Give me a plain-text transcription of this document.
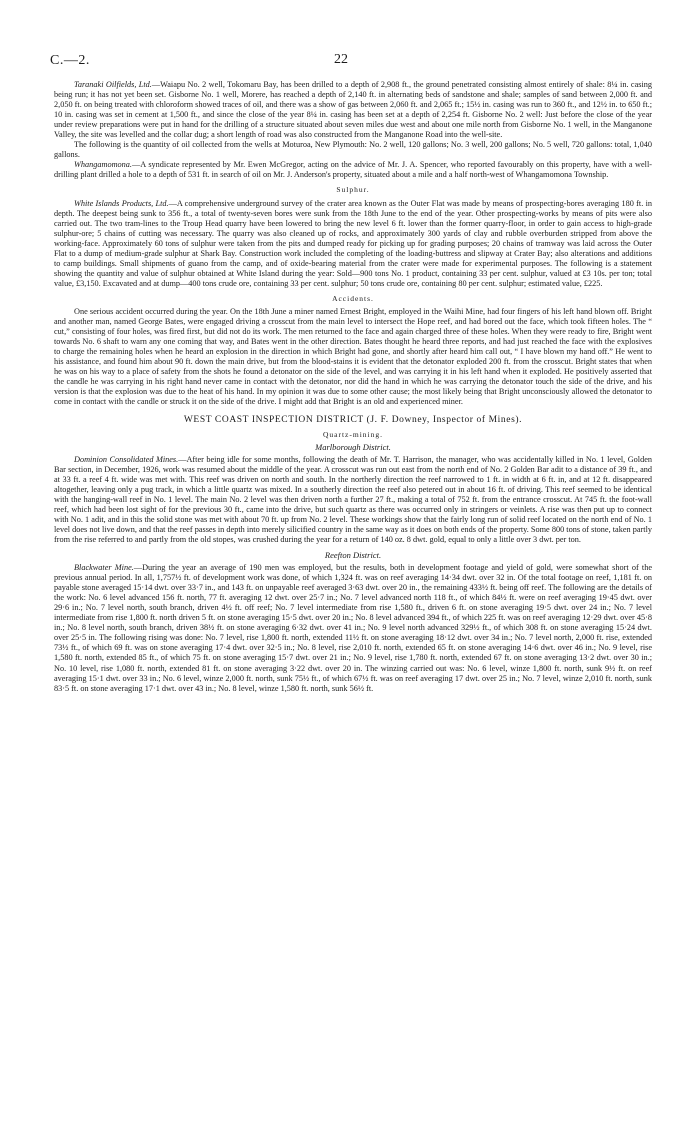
C.—2.	22

Taranaki Oilfields, Ltd.—Waiapu No. 2 well, Tokomaru Bay, has been drilled to a depth of 2,908 ft., the ground penetrated consisting almost entirely of shale: 8¼ in. casing being run; it has not yet been set. Gisborne No. 1 well, Morere, has reached a depth of 2,140 ft. in alternating beds of sandstone and shale; samples of sand between 2,000 ft. and 2,050 ft. on being treated with chloroform showed traces of oil, and there was a show of gas between 2,060 ft. and 2,065 ft.; 15½ in. casing was run to 360 ft., and 12½ in. to 650 ft.; 10 in. casing was set in cement at 1,500 ft., and since the close of the year 8¼ in. casing has been set at a depth of 2,254 ft. Gisborne No. 2 well: Just before the close of the year under review preparations were put in hand for the drilling of a structure situated about seven miles due west and about one mile north from Gisborne No. 1 well, in the Manganone Valley, the site was levelled and the collar dug; a short length of road was also constructed from the Manganone Road into the well-site.

The following is the quantity of oil collected from the wells at Moturoa, New Plymouth: No. 2 well, 120 gallons; No. 3 well, 200 gallons; No. 5 well, 720 gallons: total, 1,040 gallons.

Whangamomona.—A syndicate represented by Mr. Ewen McGregor, acting on the advice of Mr. J. A. Spencer, who reported favourably on this property, have with a well-drilling plant drilled a hole to a depth of 531 ft. in search of oil on Mr. J. Anderson's property, situated about a mile and a half north-west of Whangamomona Township.

Sulphur.

White Islands Products, Ltd.—A comprehensive underground survey of the crater area known as the Outer Flat was made by means of prospecting-bores averaging 180 ft. in depth. The deepest being sunk to 356 ft., a total of twenty-seven bores were sunk from the 18th June to the end of the year. Other prospecting-works by means of pits were also carried out. The two tram-lines to the Troup Head quarry have been lowered to bring the new level 6 ft. lower than the former quarry-floor, in order to gain access to high-grade sulphur-ore; 5 chains of cutting was necessary. The quarry was also cleaned up of rocks, and approximately 300 yards of clay and rubble overburden stripped from above the working-face. Approximately 60 tons of sulphur were taken from the pits and dumped ready for picking up for grading purposes; 20 chains of tramway was laid across the Outer Flat to a dump of medium-grade sulphur at Shark Bay. Construction work included the completing of the loading-buttress and slipway at Crater Bay; also alterations and additions to camp buildings. Small shipments of guano from the camp, and of oxide-bearing material from the crater were made for experimental purposes. The following is a statement showing the quantity and value of sulphur obtained at White Island during the year: Sold—900 tons No. 1 product, containing 33 per cent. sulphur, valued at £3 10s. per ton; total value, £3,150. Excavated and at dump—400 tons crude ore, containing 33 per cent. sulphur; 50 tons crude ore, containing 80 per cent. sulphur; estimated value, £225.

Accidents.

One serious accident occurred during the year. On the 18th June a miner named Ernest Bright, employed in the Waihi Mine, had four fingers of his left hand blown off. Bright and another man, named George Bates, were engaged driving a crosscut from the main level to intersect the Hope reef, and had bored out the face, which took fifteen holes. The “ cut,” consisting of four holes, was fired first, but did not do its work. The men returned to the face and again charged three of these holes. When they were ready to fire, Bright went towards No. 6 shaft to warn any one coming that way, and Bates went in the other direction. Bates thought he heard three reports, and had just reached the face with the explosives to charge the remaining holes when he heard an explosion in the direction in which Bright had gone, and shortly after heard him call out, “ I have blown my hand off.” He went to his assistance, and found him about 90 ft. down the main drive, but from the blood-stains it is evident that the detonator exploded 200 ft. from the crosscut. Bright states that when he was on his way to a place of safety from the shots he found a detonator on the side of the level, and was carrying it in his left hand when it exploded. He positively asserted that the candle he was carrying in his right hand never came in contact with the detonator, nor did the hand in which he was carrying the detonator touch the side of the drive, and his version is that the explosion was due to the heat of his hand. In my opinion it was due to some other cause; the most likely being that Bright unconsciously allowed the detonator to come in contact with the candle or struck it on the side of the drive. I might add that Bright is an old and experienced miner.

WEST COAST INSPECTION DISTRICT (J. F. Downey, Inspector of Mines).
Quartz-mining.
Marlborough District.

Dominion Consolidated Mines.—After being idle for some months, following the death of Mr. T. Harrison, the manager, who was accidentally killed in No. 1 level, Golden Bar section, in December, 1926, work was resumed about the middle of the year. A crosscut was run out east from the north end of No. 2 Golden Bar adit to a distance of 39 ft., and at 33 ft. a reef 4 ft. wide was met with. This reef was driven on north and south. In the northerly direction the reef narrowed to 1 ft. in width at 6 ft. in, and at 12 ft. disappeared altogether, leaving only a pug track, in which a little quartz was mixed. In a southerly direction the reef also petered out in about 16 ft. of driving. This reef seemed to be identical with the hanging-wall reef in No. 1 level. The main No. 2 level was then driven north a further 27 ft., making a total of 752 ft. from the entrance crosscut. At 745 ft. the foot-wall reef, which had been lost sight of for the previous 30 ft., came into the drive, but such quartz as there was occurred only in stringers or veinlets. A rise was then put up to connect with No. 1 adit, and in this the solid stone was met with about 70 ft. up from No. 2 level. These workings show that the fairly long run of solid reef located on the north end of No. 1 level does not live down, and that the reef passes in depth into merely silicified country in the same way as it does on both ends of the property. Some 800 tons of stone, taken partly from the rise referred to and partly from the old stopes, was crushed during the year for a return of 140 oz. 8 dwt. gold, equal to only a little over 3 dwt. per ton.

Reefton District.

Blackwater Mine.—During the year an average of 190 men was employed, but the results, both in development footage and yield of gold, were somewhat short of the previous annual period. In all, 1,757½ ft. of development work was done, of which 1,324 ft. was on reef averaging 14·34 dwt. over 32 in. Of the total footage on reef, 1,181 ft. on payable stone averaged 15·14 dwt. over 33·7 in., and 143 ft. on unpayable reef averaged 3·63 dwt. over 20 in., the remaining 433½ ft. being off reef. The following are the details of the work: No. 6 level advanced 156 ft. north, 77 ft. averaging 12 dwt. over 25·7 in.; No. 7 level advanced north 118 ft., of which 84½ ft. were on reef averaging 19·45 dwt. over 29·6 in.; No. 7 level north, south branch, driven 4½ ft. off reef; No. 7 level intermediate from rise 1,580 ft., driven 6 ft. on stone averaging 19·5 dwt. over 24 in.; No. 7 level intermediate from rise 1,800 ft. north driven 5 ft. on stone averaging 15·5 dwt. over 20 in.; No. 8 level advanced 394 ft., of which 225 ft. was on reef averaging 12·29 dwt. over 45·8 in.; No. 8 level north, south branch, driven 38½ ft. on stone averaging 6·32 dwt. over 41 in.; No. 9 level north advanced 329½ ft., of which 308 ft. on stone averaging 15·24 dwt. over 25·5 in. The following rising was done: No. 7 level, rise 1,800 ft. north, extended 11½ ft. on stone averaging 18·12 dwt. over 34 in.; No. 7 level north, 2,000 ft. rise, extended 73½ ft., of which 69 ft. was on stone averaging 17·4 dwt. over 32·5 in.; No. 8 level, rise 2,010 ft. north, extended 65 ft. on stone averaging 14·6 dwt. over 46 in.; No. 9 level, rise 1,580 ft. north, extended 85 ft., of which 75 ft. on stone averaging 15·7 dwt. over 21 in.; No. 9 level, rise 1,780 ft. north, extended 67 ft. on stone averaging 13·2 dwt. over 30 in.; No. 10 level, rise 1,080 ft. north, extended 81 ft. on stone averaging 3·22 dwt. over 20 in. The winzing carried out was: No. 6 level, winze 1,800 ft. north, sunk 9½ ft. on reef averaging 15·1 dwt. over 33 in.; No. 6 level, winze 2,000 ft. north, sunk 75½ ft., of which 67½ ft. was on reef averaging 17 dwt. over 25 in.; No. 7 level, winze 2,010 ft. north, sunk 83·5 ft. on stone averaging 17·1 dwt. over 43 in.; No. 8 level, winze 1,580 ft. north, sunk 56½ ft.
